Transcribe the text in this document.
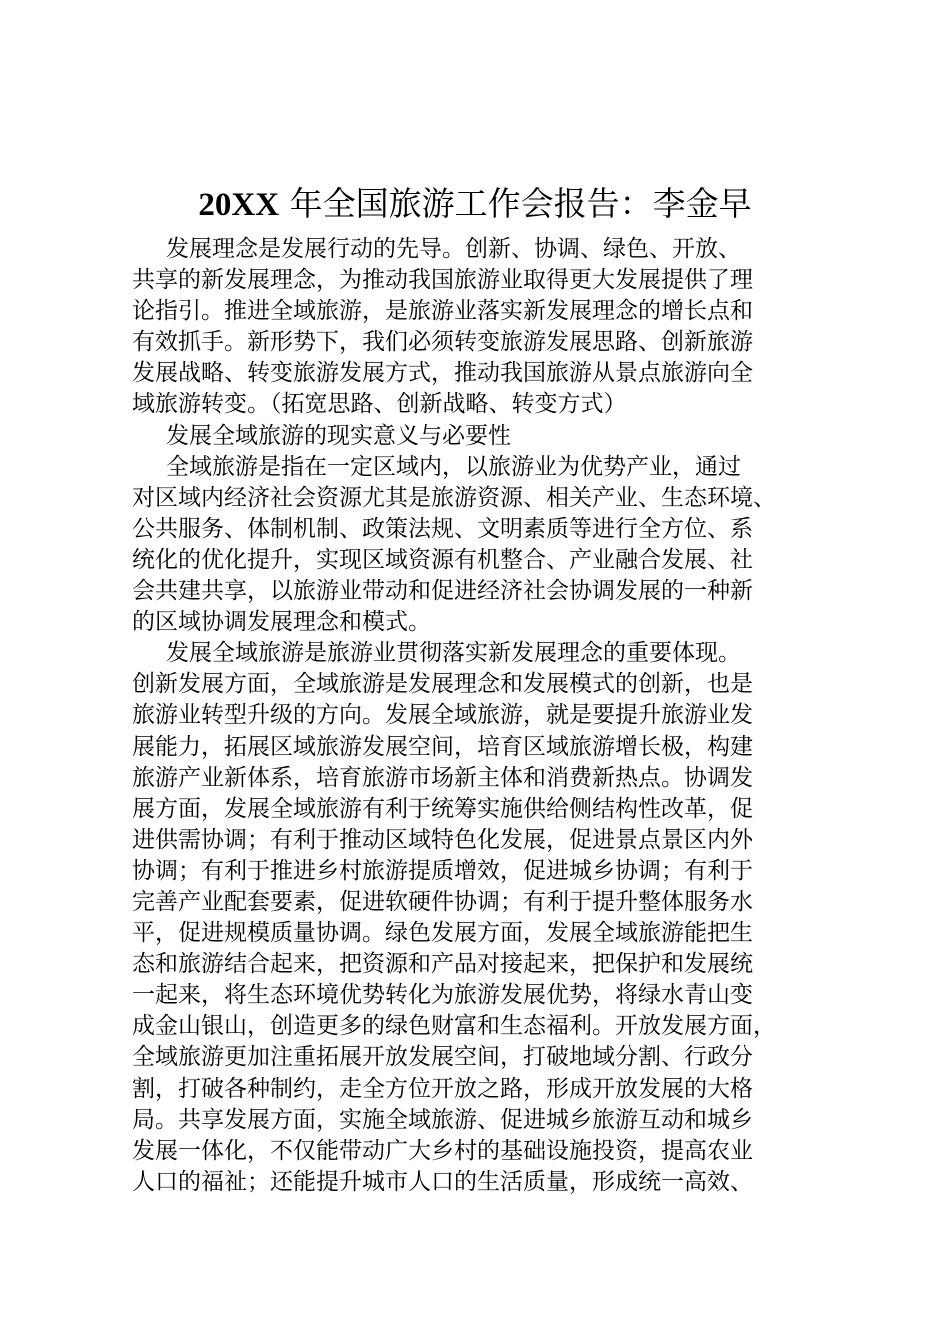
20XX 年全国旅游工作会报告：李金早
发展理念是发展行动的先导。创新、协调、绿色、开放、
共享的新发展理念，为推动我国旅游业取得更大发展提供了理
论指引。推进全域旅游，是旅游业落实新发展理念的增长点和
有效抓手。新形势下，我们必须转变旅游发展思路、创新旅游
发展战略、转变旅游发展方式，推动我国旅游从景点旅游向全
域旅游转变。（拓宽思路、创新战略、转变方式）
发展全域旅游的现实意义与必要性
全域旅游是指在一定区域内，以旅游业为优势产业，通过
对区域内经济社会资源尤其是旅游资源、相关产业、生态环境、
公共服务、体制机制、政策法规、文明素质等进行全方位、系
统化的优化提升，实现区域资源有机整合、产业融合发展、社
会共建共享，以旅游业带动和促进经济社会协调发展的一种新
的区域协调发展理念和模式。
发展全域旅游是旅游业贯彻落实新发展理念的重要体现。
创新发展方面，全域旅游是发展理念和发展模式的创新，也是
旅游业转型升级的方向。发展全域旅游，就是要提升旅游业发
展能力，拓展区域旅游发展空间，培育区域旅游增长极，构建
旅游产业新体系，培育旅游市场新主体和消费新热点。协调发
展方面，发展全域旅游有利于统筹实施供给侧结构性改革，促
进供需协调；有利于推动区域特色化发展，促进景点景区内外
协调；有利于推进乡村旅游提质增效，促进城乡协调；有利于
完善产业配套要素，促进软硬件协调；有利于提升整体服务水
平，促进规模质量协调。绿色发展方面，发展全域旅游能把生
态和旅游结合起来，把资源和产品对接起来，把保护和发展统
一起来，将生态环境优势转化为旅游发展优势，将绿水青山变
成金山银山，创造更多的绿色财富和生态福利。开放发展方面，
全域旅游更加注重拓展开放发展空间，打破地域分割、行政分
割，打破各种制约，走全方位开放之路，形成开放发展的大格
局。共享发展方面，实施全域旅游、促进城乡旅游互动和城乡
发展一体化，不仅能带动广大乡村的基础设施投资，提高农业
人口的福祉；还能提升城市人口的生活质量，形成统一高效、
